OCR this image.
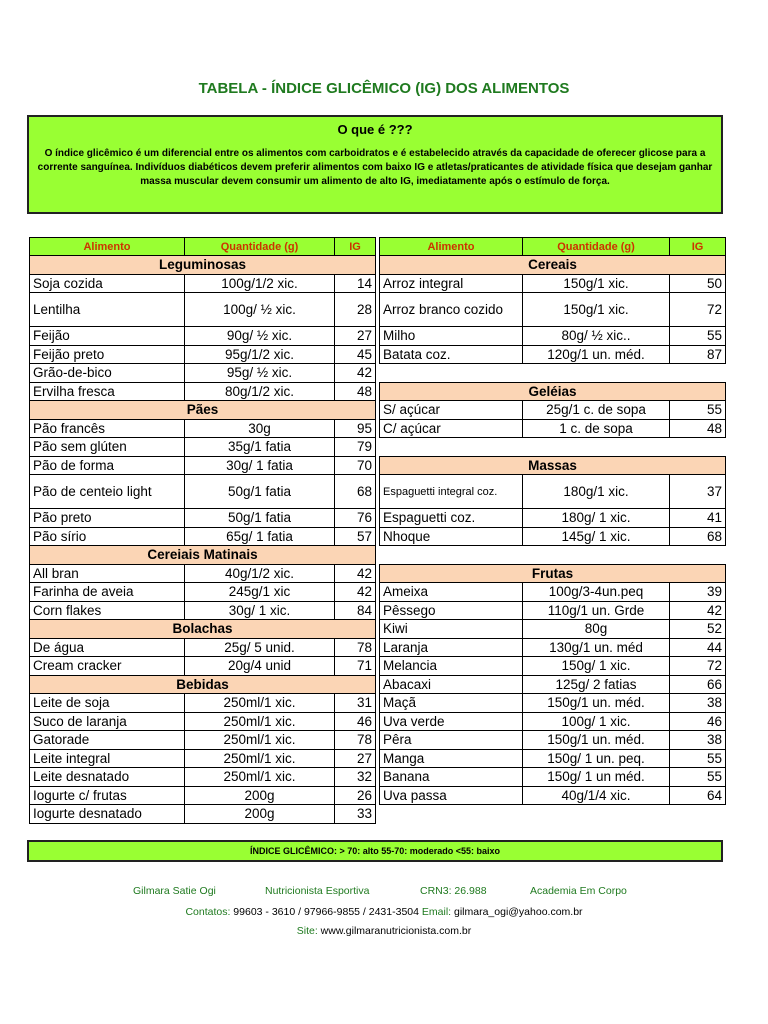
TABELA - ÍNDICE GLICÊMICO (IG) DOS ALIMENTOS
O que é ???
O índice glicêmico é um diferencial entre os alimentos com carboidratos e é estabelecido através da capacidade de oferecer glicose para a corrente sanguínea. Indivíduos diabéticos devem preferir alimentos com baixo IG e atletas/praticantes de atividade física que desejam ganhar massa muscular devem consumir um alimento de alto IG, imediatamente após o estímulo de força.
Alimento	Quantidade (g)	IG
Leguminosas		
Soja cozida	100g/1/2 xic.	14
Lentilha	100g/ ½ xic.	28
Feijão	90g/ ½ xic.	27
Feijão preto	95g/1/2 xic.	45
Grão-de-bico	95g/ ½ xic.	42
Ervilha fresca	80g/1/2 xic.	48
Pães		
Pão francês	30g	95
Pão sem glúten	35g/1 fatia	79
Pão de forma	30g/ 1 fatia	70
Pão de centeio light	50g/1 fatia	68
Pão preto	50g/1 fatia	76
Pão sírio	65g/ 1 fatia	57
Cereiais Matinais		
All bran	40g/1/2 xic.	42
Farinha de aveia	245g/1 xic	42
Corn flakes	30g/ 1 xic.	84
Bolachas		
De água	25g/ 5 unid.	78
Cream cracker	20g/4 unid	71
Bebidas		
Leite de soja	250ml/1 xic.	31
Suco de laranja	250ml/1 xic.	46
Gatorade	250ml/1 xic.	78
Leite integral	250ml/1 xic.	27
Leite desnatado	250ml/1 xic.	32
Iogurte c/ frutas	200g	26
Iogurte desnatado	200g	33
Alimento	Quantidade (g)	IG
Cereais		
Arroz integral	150g/1 xic.	50
Arroz branco cozido	150g/1 xic.	72
Milho	80g/ ½ xic..	55
Batata coz.	120g/1 un. méd.	87

Geléias		
S/ açúcar	25g/1 c. de sopa	55
C/ açúcar	1 c. de sopa	48

Massas		
Espaguetti integral coz.	180g/1 xic.	37
Espaguetti coz.	180g/ 1 xic.	41
Nhoque	145g/ 1 xic.	68

Frutas		
Ameixa	100g/3-4un.peq	39
Pêssego	110g/1 un. Grde	42
Kiwi	80g	52
Laranja	130g/1 un. méd	44
Melancia	150g/ 1 xic.	72
Abacaxi	125g/ 2 fatias	66
Maçã	150g/1 un. méd.	38
Uva verde	100g/ 1 xic.	46
Pêra	150g/1 un. méd.	38
Manga	150g/ 1 un. peq.	55
Banana	150g/ 1 un méd.	55
Uva passa	40g/1/4 xic.	64
ÍNDICE GLICÊMICO: > 70: alto 55-70: moderado <55: baixo
Gilmara Satie Ogi	Nutricionista Esportiva	CRN3: 26.988	Academia Em Corpo
Contatos: 99603 - 3610 / 97966-9855 / 2431-3504 Email: gilmara_ogi@yahoo.com.br
Site: www.gilmaranutricionista.com.br
